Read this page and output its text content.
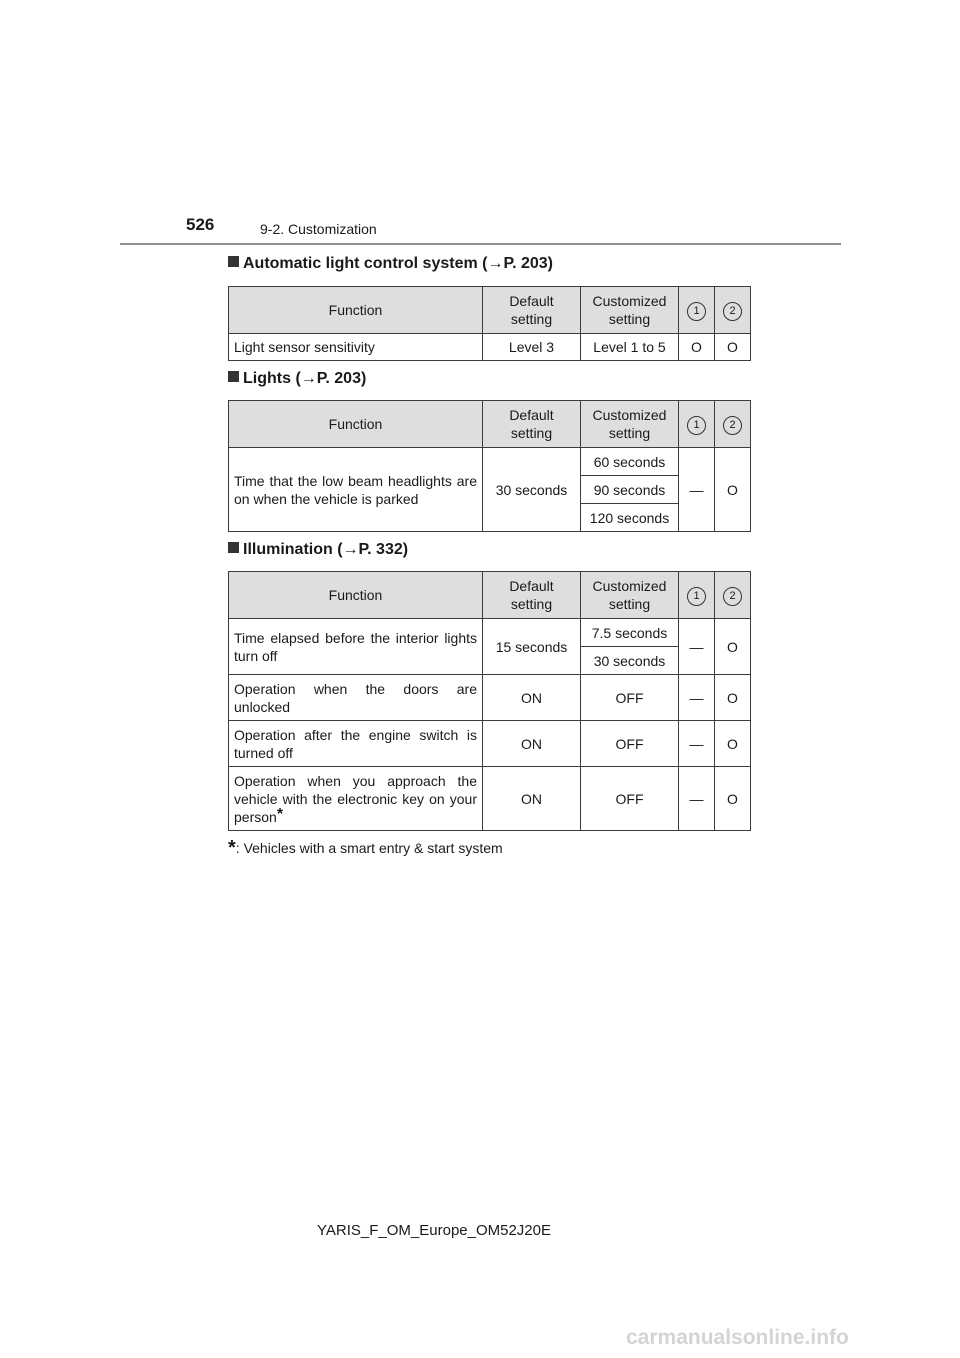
526	9-2. Customization
Automatic light control system (→P. 203)
Function	Default setting	Customized setting	1	2
Light sensor sensitivity	Level 3	Level 1 to 5	O	O
Lights (→P. 203)
Function	Default setting	Customized setting	1	2
Time that the low beam headlights are on when the vehicle is parked	30 seconds	60 seconds	—	O
		90 seconds		
		120 seconds		
Illumination (→P. 332)
Function	Default setting	Customized setting	1	2
Time elapsed before the interior lights turn off	15 seconds	7.5 seconds	—	O
		30 seconds		
Operation when the doors are unlocked	ON	OFF	—	O
Operation after the engine switch is turned off	ON	OFF	—	O
Operation when you approach the vehicle with the electronic key on your person*	ON	OFF	—	O
*: Vehicles with a smart entry & start system
YARIS_F_OM_Europe_OM52J20E
carmanualsonline.info
